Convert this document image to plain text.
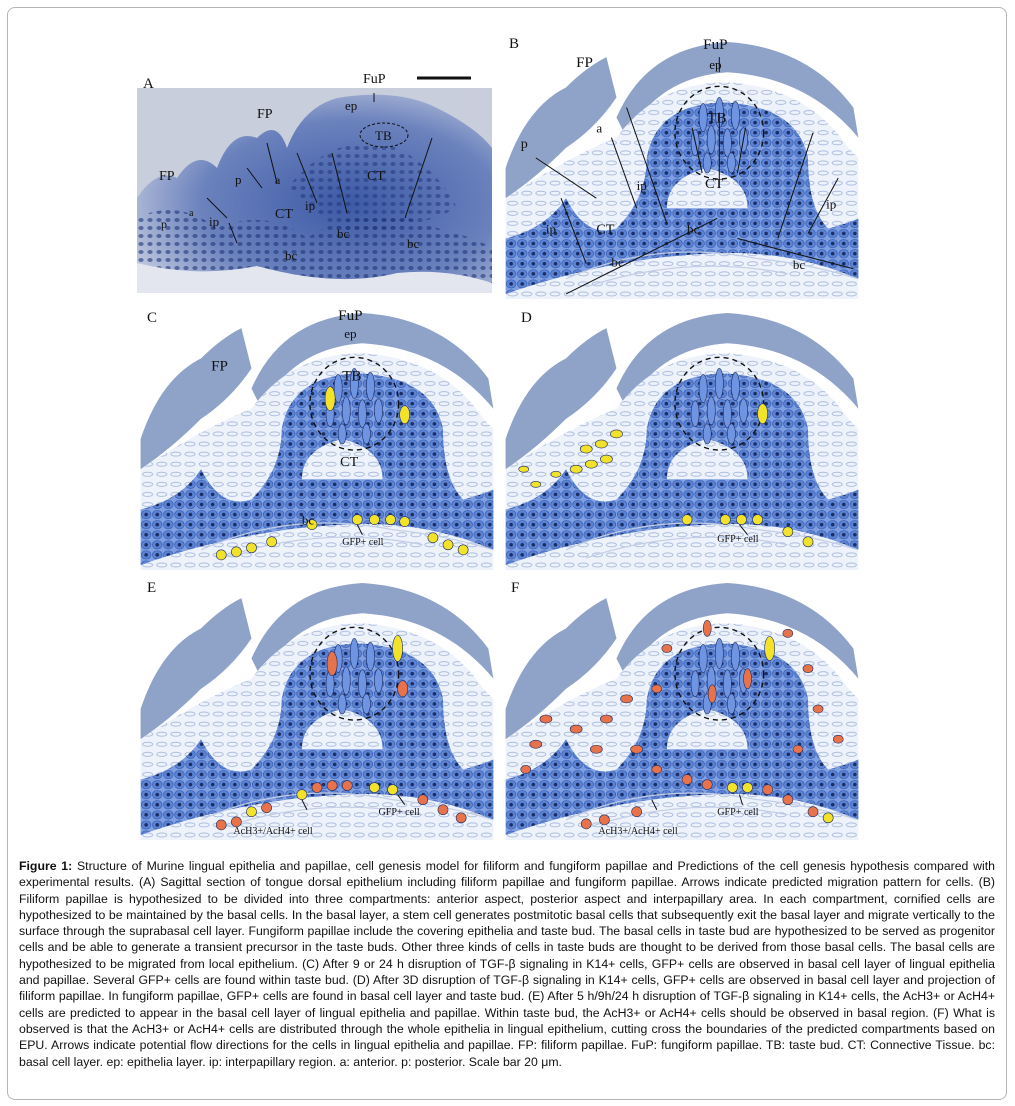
FuP
FP
FP
ep
TB
CT
CT
a
a
p
p
ip
ip
bc
bc
bc
A
FuP
FP	ep
TB
CT
CT
a
p
ip
ip
ip
bc
bc	bc
B
FuP
FP
ep
TB
CT
bc
GFP+ cell
C
GFP+ cell
D
AcH3+/AcH4+ cell
GFP+ cell
E
AcH3+/AcH4+ cell
GFP+ cell
F
Figure 1: Structure of Murine lingual epithelia and papillae, cell genesis model for filiform and fungiform papillae and Predictions of the cell genesis hypothesis compared with experimental results. (A) Sagittal section of tongue dorsal epithelium including filiform papillae and fungiform papillae. Arrows indicate predicted migration pattern for cells. (B) Filiform papillae is hypothesized to be divided into three compartments: anterior aspect, posterior aspect and interpapillary area. In each compartment, cornified cells are hypothesized to be maintained by the basal cells. In the basal layer, a stem cell generates postmitotic basal cells that subsequently exit the basal layer and migrate vertically to the surface through the suprabasal cell layer. Fungiform papillae include the covering epithelia and taste bud. The basal cells in taste bud are hypothesized to be served as progenitor cells and be able to generate a transient precursor in the taste buds. Other three kinds of cells in taste buds are thought to be derived from those basal cells. The basal cells are hypothesized to be migrated from local epithelium. (C) After 9 or 24 h disruption of TGF-β signaling in K14+ cells, GFP+ cells are observed in basal cell layer of lingual epithelia and papillae. Several GFP+ cells are found within taste bud. (D) After 3D disruption of TGF-β signaling in K14+ cells, GFP+ cells are observed in basal cell layer and projection of filiform papillae. In fungiform papillae, GFP+ cells are found in basal cell layer and taste bud. (E) After 5 h/9h/24 h disruption of TGF-β signaling in K14+ cells, the AcH3+ or AcH4+ cells are predicted to appear in the basal cell layer of lingual epithelia and papillae. Within taste bud, the AcH3+ or AcH4+ cells should be observed in basal region. (F) What is observed is that the AcH3+ or AcH4+ cells are distributed through the whole epithelia in lingual epithelium, cutting cross the boundaries of the predicted compartments based on EPU. Arrows indicate potential flow directions for the cells in lingual epithelia and papillae. FP: filiform papillae. FuP: fungiform papillae. TB: taste bud. CT: Connective Tissue. bc: basal cell layer. ep: epithelia layer. ip: interpapillary region. a: anterior. p: posterior. Scale bar 20 μm.
